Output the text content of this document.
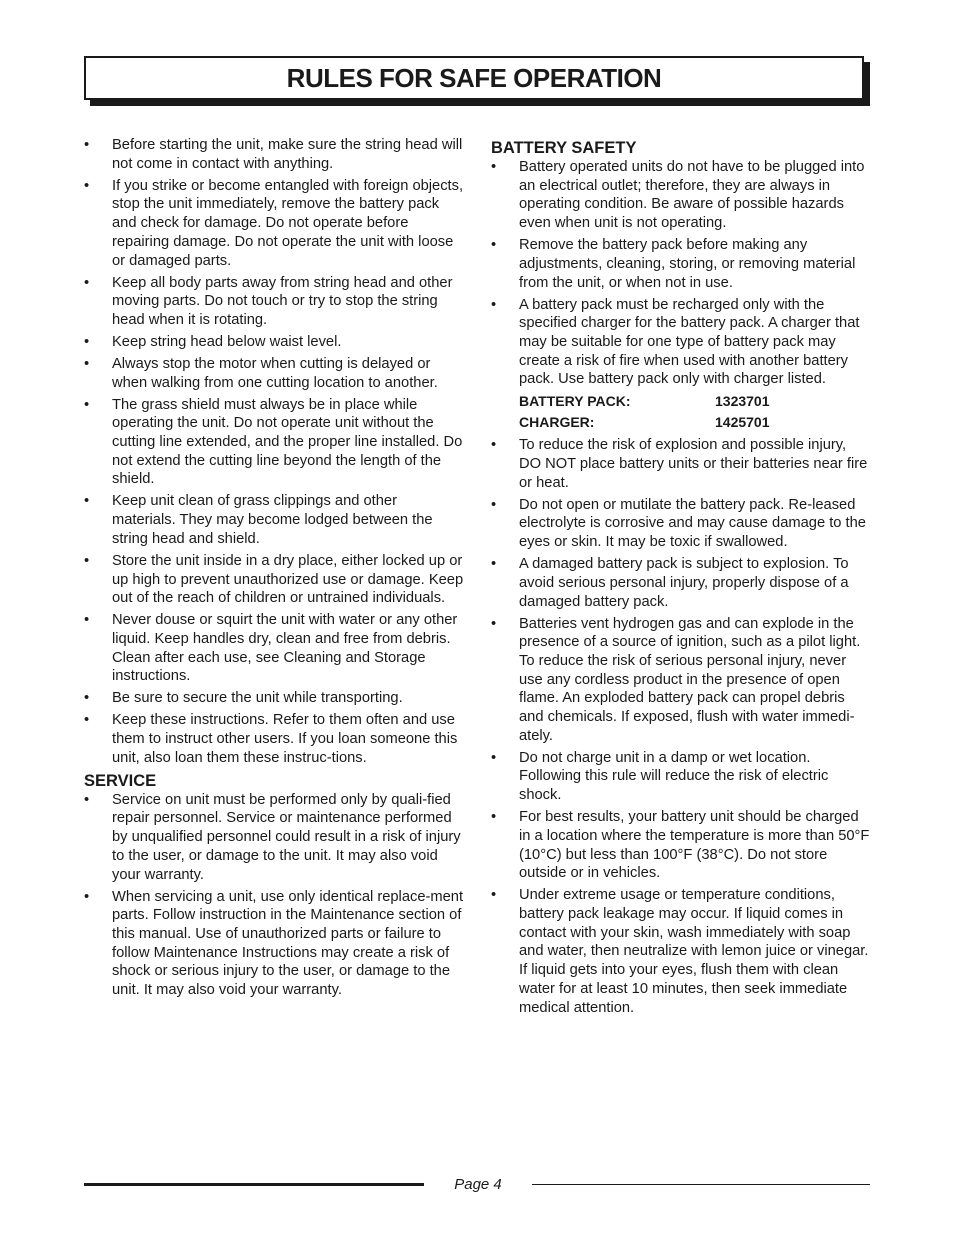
RULES FOR SAFE OPERATION
• Before starting the unit, make sure the string head will not come in contact with anything.
• If you strike or become entangled with foreign objects, stop the unit immediately, remove the battery pack and check for damage. Do not operate before repairing damage. Do not operate the unit with loose or damaged parts.
• Keep all body parts away from string head and other moving parts. Do not touch or try to stop the string head when it is rotating.
• Keep string head below waist level.
• Always stop the motor when cutting is delayed or when walking from one cutting location to another.
• The grass shield must always be in place while operating the unit. Do not operate unit without the cutting line extended, and the proper line installed. Do not extend the cutting line beyond the length of the shield.
• Keep unit clean of grass clippings and other materials. They may become lodged between the string head and shield.
• Store the unit inside in a dry place, either locked up or up high to prevent unauthorized use or damage. Keep out of the reach of children or untrained individuals.
• Never douse or squirt the unit with water or any other liquid. Keep handles dry, clean and free from debris. Clean after each use, see Cleaning and Storage instructions.
• Be sure to secure the unit while transporting.
• Keep these instructions. Refer to them often and use them to instruct other users. If you loan someone this unit, also loan them these instruc-tions.
SERVICE
• Service on unit must be performed only by quali-fied repair personnel. Service or maintenance performed by unqualified personnel could result in a risk of injury to the user, or damage to the unit. It may also void your warranty.
• When servicing a unit, use only identical replace-ment parts. Follow instruction in the Maintenance section of this manual. Use of unauthorized parts or failure to follow Maintenance Instructions may create a risk of shock or serious injury to the user, or damage to the unit. It may also void your warranty.
BATTERY SAFETY
• Battery operated units do not have to be plugged into an electrical outlet; therefore, they are always in operating condition. Be aware of possible hazards even when unit is not operating.
• Remove the battery pack before making any adjustments, cleaning, storing, or removing material from the unit, or when not in use.
• A battery pack must be recharged only with the specified charger for the battery pack. A charger that may be suitable for one type of battery pack may create a risk of fire when used with another battery pack. Use battery pack only with charger listed.
BATTERY PACK:	1323701
CHARGER:	1425701
• To reduce the risk of explosion and possible injury, DO NOT place battery units or their batteries near fire or heat.
• Do not open or mutilate the battery pack. Re-leased electrolyte is corrosive and may cause damage to the eyes or skin. It may be toxic if swallowed.
• A damaged battery pack is subject to explosion. To avoid serious personal injury, properly dispose of a damaged battery pack.
• Batteries vent hydrogen gas and can explode in the presence of a source of ignition, such as a pilot light. To reduce the risk of serious personal injury, never use any cordless product in the presence of open flame. An exploded battery pack can propel debris and chemicals. If exposed, flush with water immedi-ately.
• Do not charge unit in a damp or wet location. Following this rule will reduce the risk of electric shock.
• For best results, your battery unit should be charged in a location where the temperature is more than 50°F (10°C) but less than 100°F (38°C). Do not store outside or in vehicles.
• Under extreme usage or temperature conditions, battery pack leakage may occur. If liquid comes in contact with your skin, wash immediately with soap and water, then neutralize with lemon juice or vinegar. If liquid gets into your eyes, flush them with clean water for at least 10 minutes, then seek immediate medical attention.
Page 4
